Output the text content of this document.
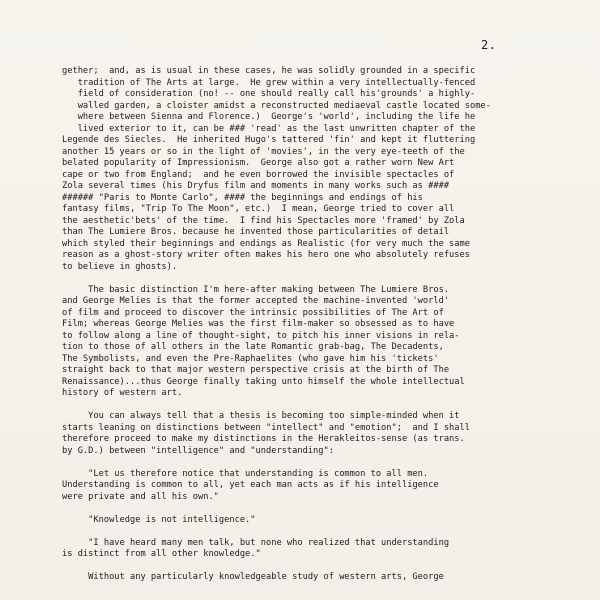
2.
gether;  and, as is usual in these cases, he was solidly grounded in a specific
tradition of The Arts at large.  He grew within a very intellectually-fenced
field of consideration (no! -- one should really call his'grounds' a highly-
walled garden, a cloister amidst a reconstructed mediaeval castle located some-
where between Sienna and Florence.)  George's 'world', including the life he
lived exterior to it, can be ### 'read' as the last unwritten chapter of the
Legende des Siecles.  He inherited Hugo's tattered 'fin' and kept it fluttering
another 15 years or so in the light of 'movies', in the very eye-teeth of the
belated popularity of Impressionism.  George also got a rather worn New Art
cape or two from England;  and he even borrowed the invisible spectacles of
Zola several times (his Dryfus film and moments in many works such as ####
###### "Paris to Monte Carlo", #### the beginnings and endings of his
fantasy films, "Trip To The Moon", etc.)  I mean, George tried to cover all
the aesthetic'bets' of the time.  I find his Spectacles more 'framed' by Zola
than The Lumiere Bros. because he invented those particularities of detail
which styled their beginnings and endings as Realistic (for very much the same
reason as a ghost-story writer often makes his hero one who absolutely refuses
to believe in ghosts).
The basic distinction I'm here-after making between The Lumiere Bros.
and George Melies is that the former accepted the machine-invented 'world'
of film and proceed to discover the intrinsic possibilities of The Art of
Film; whereas George Melies was the first film-maker so obsessed as to have
to follow along a line of thought-sight, to pitch his inner visions in rela-
tion to those of all others in the late Romantic grab-bag, The Decadents,
The Symbolists, and even the Pre-Raphaelites (who gave him his 'tickets'
straight back to that major western perspective crisis at the birth of The
Renaissance)...thus George finally taking unto himself the whole intellectual
history of western art.
You can always tell that a thesis is becoming too simple-minded when it
starts leaning on distinctions between "intellect" and "emotion";  and I shall
therefore proceed to make my distinctions in the Herakleitos-sense (as trans.
by G.D.) between "intelligence" and "understanding":
"Let us therefore notice that understanding is common to all men.
Understanding is common to all, yet each man acts as if his intelligence
were private and all his own."
"Knowledge is not intelligence."
"I have heard many men talk, but none who realized that understanding
is distinct from all other knowledge."
Without any particularly knowledgeable study of western arts, George
